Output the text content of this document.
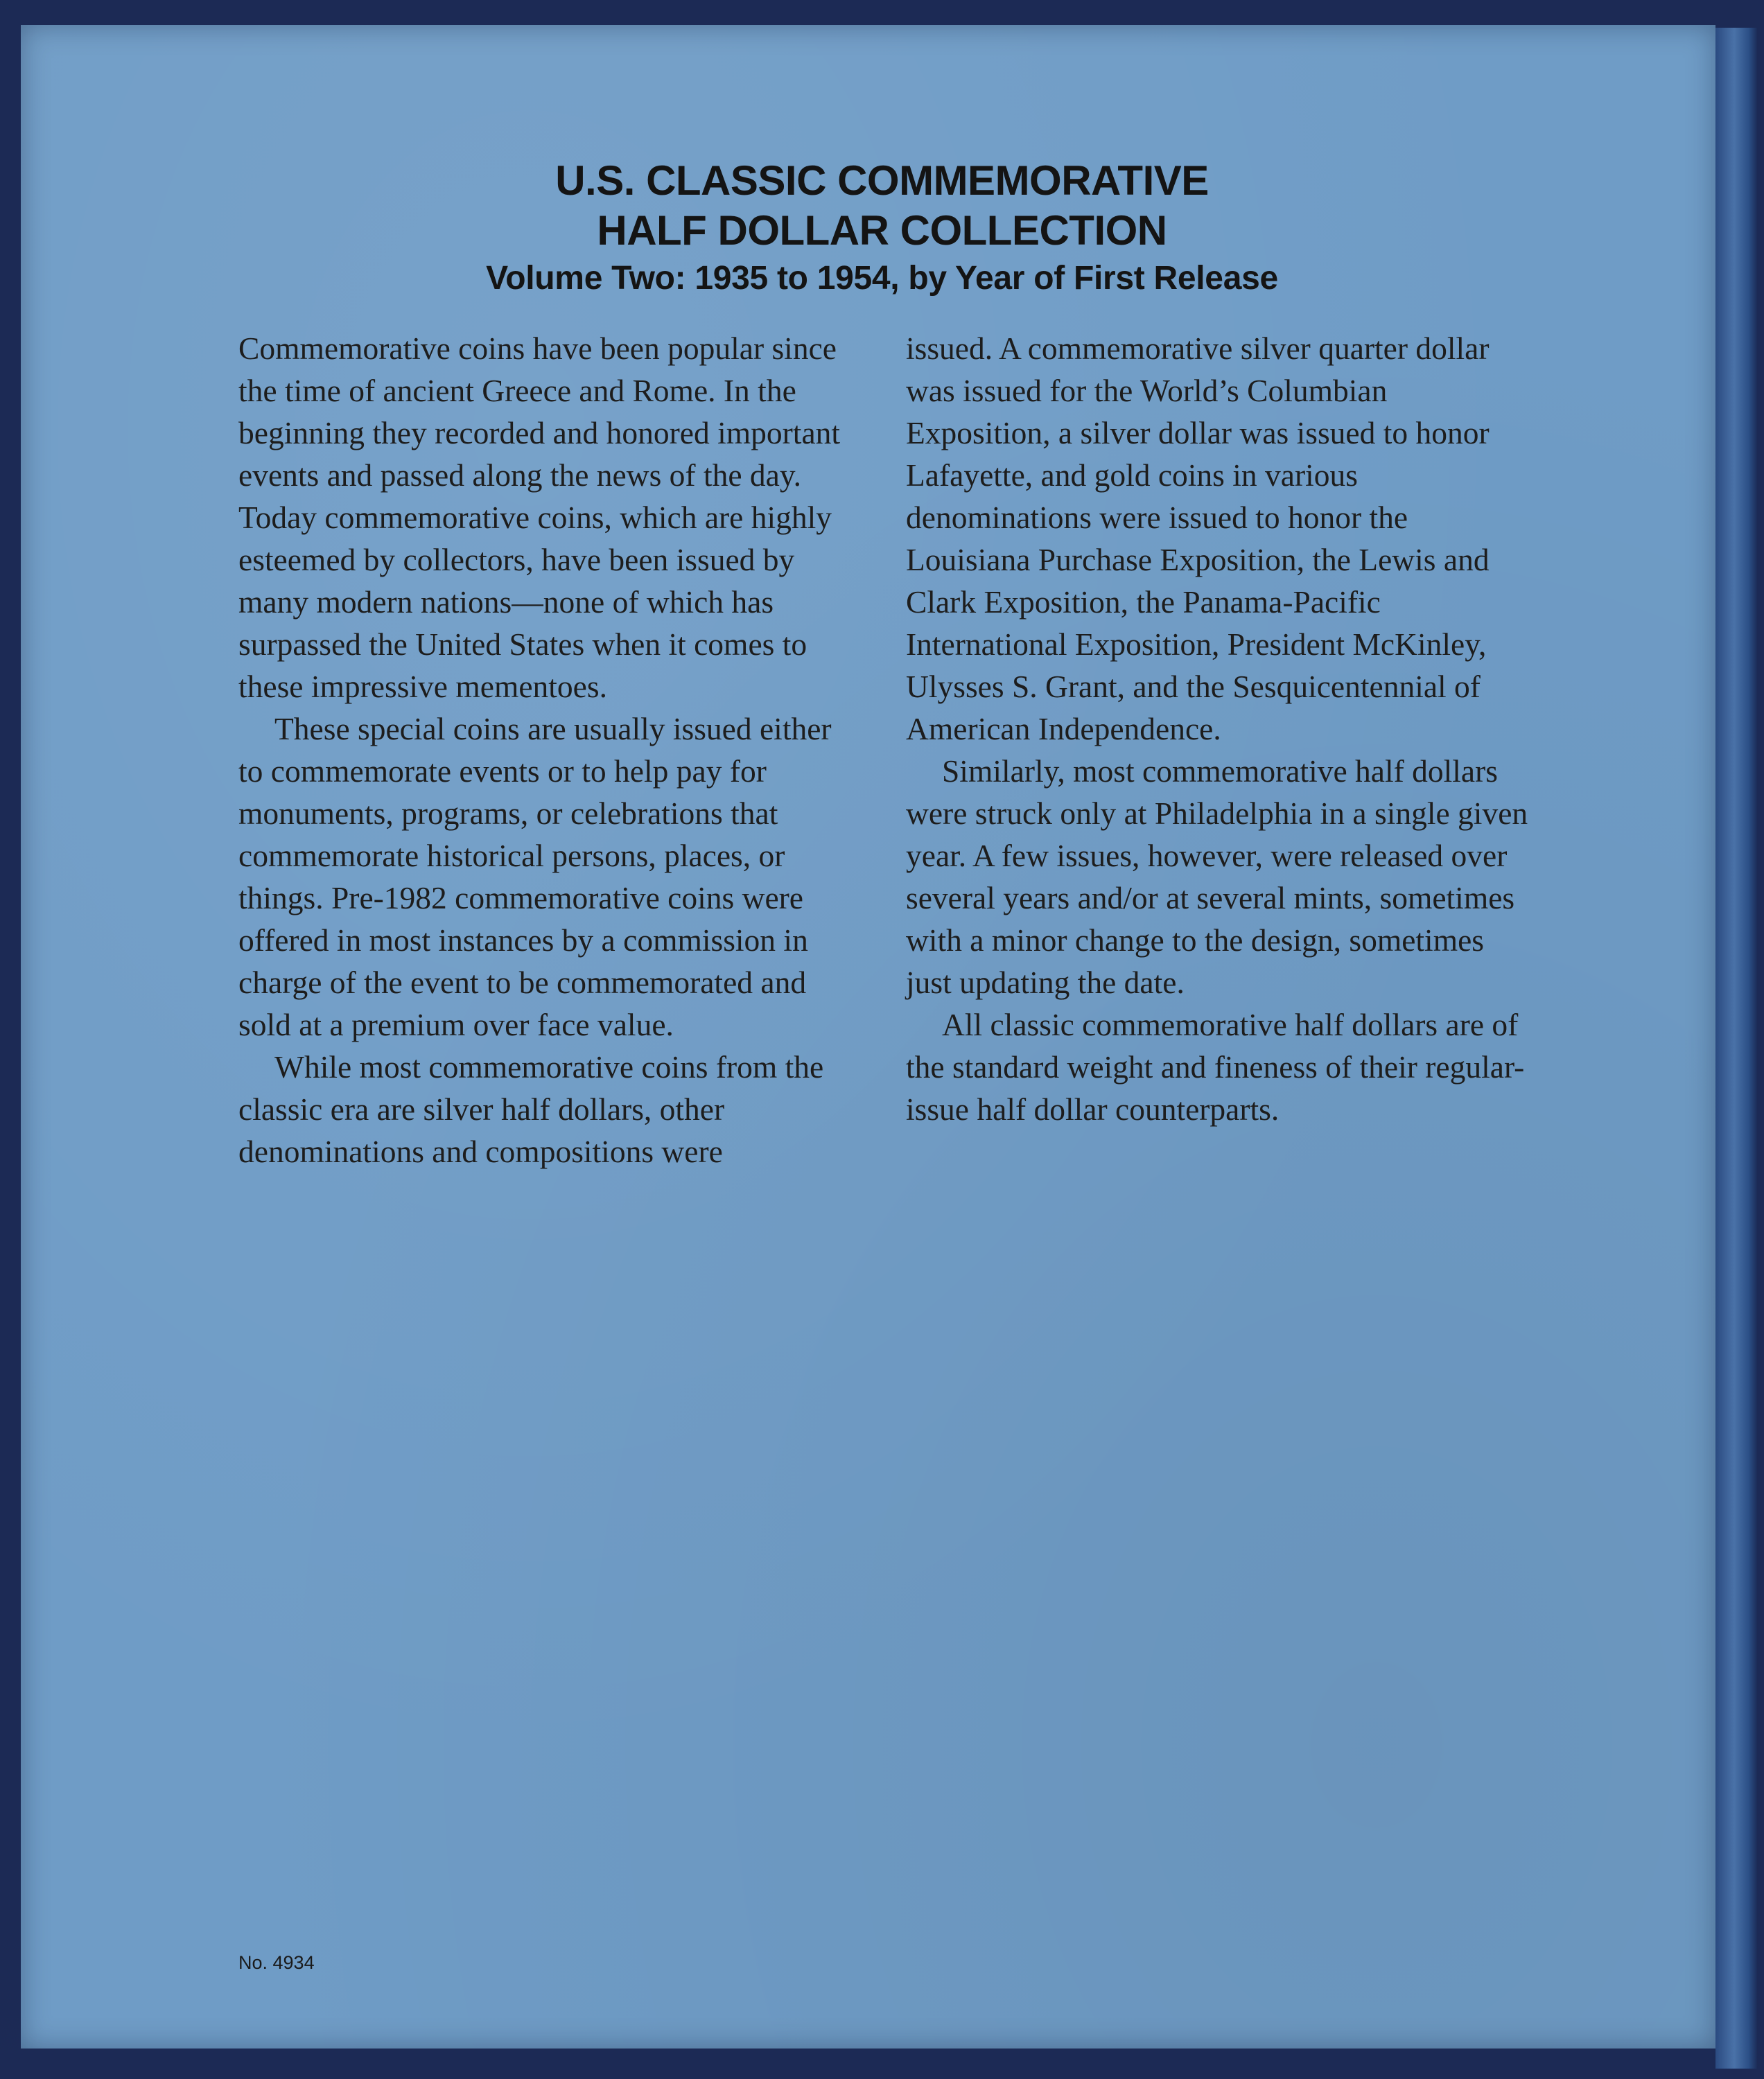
U.S. CLASSIC COMMEMORATIVE
HALF DOLLAR COLLECTION
Volume Two: 1935 to 1954, by Year of First Release

Commemorative coins have been popular since the time of ancient Greece and Rome. In the beginning they recorded and honored important events and passed along the news of the day. Today commemorative coins, which are highly esteemed by collectors, have been issued by many modern nations—none of which has surpassed the United States when it comes to these impressive mementoes.

These special coins are usually issued either to commemorate events or to help pay for monuments, programs, or celebrations that commemorate historical persons, places, or things. Pre-1982 commemorative coins were offered in most instances by a commission in charge of the event to be commemorated and sold at a premium over face value.

While most commemorative coins from the classic era are silver half dollars, other denominations and compositions were

issued. A commemorative silver quarter dollar was issued for the World’s Columbian Exposition, a silver dollar was issued to honor Lafayette, and gold coins in various denominations were issued to honor the Louisiana Purchase Exposition, the Lewis and Clark Exposition, the Panama-Pacific International Exposition, President McKinley, Ulysses S. Grant, and the Sesquicentennial of American Independence.

Similarly, most commemorative half dollars were struck only at Philadelphia in a single given year. A few issues, however, were released over several years and/or at several mints, sometimes with a minor change to the design, sometimes just updating the date.

All classic commemorative half dollars are of the standard weight and fineness of their regular-issue half dollar counterparts.

No. 4934
